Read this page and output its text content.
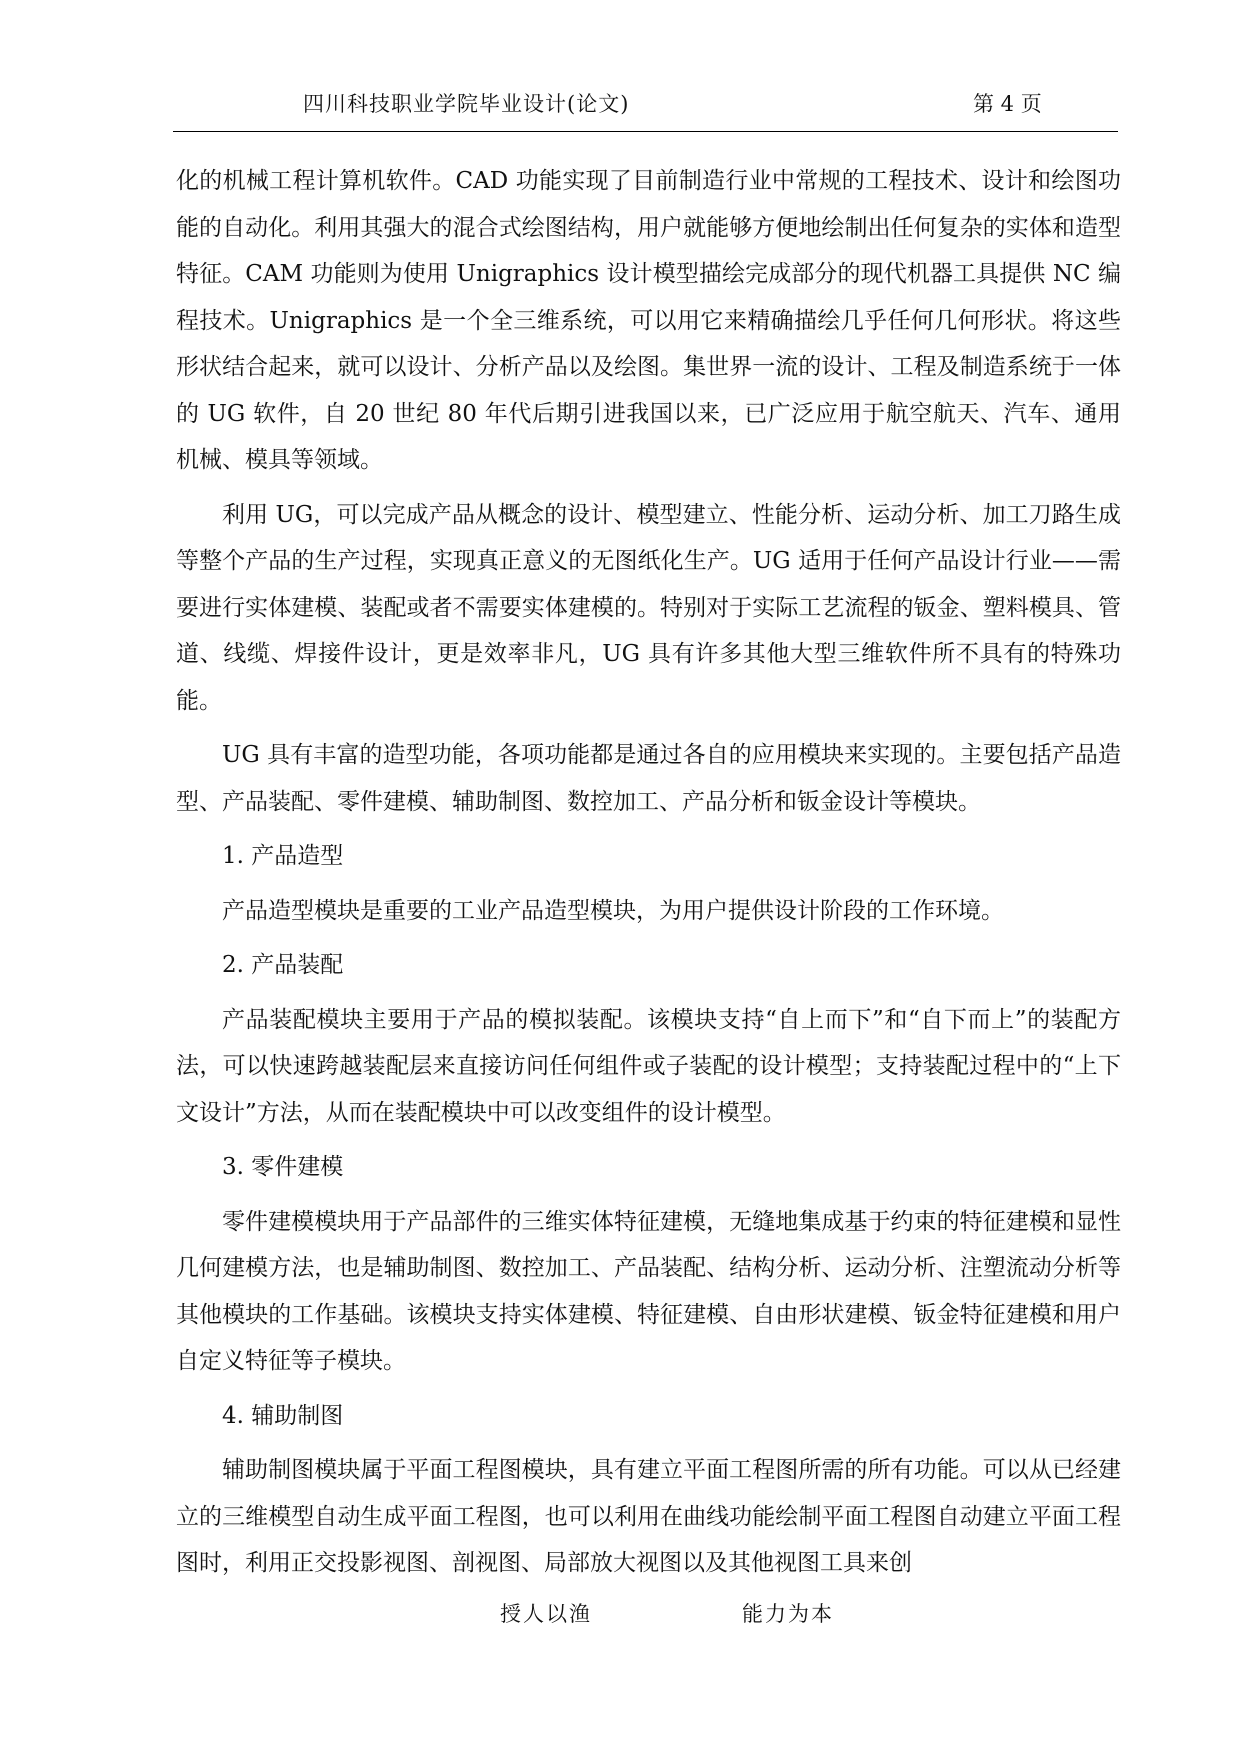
四川科技职业学院毕业设计(论文)	第 4 页

化的机械工程计算机软件。CAD 功能实现了目前制造行业中常规的工程技术、设计和绘图功能的自动化。利用其强大的混合式绘图结构，用户就能够方便地绘制出任何复杂的实体和造型特征。CAM 功能则为使用 Unigraphics 设计模型描绘完成部分的现代机器工具提供 NC 编程技术。Unigraphics 是一个全三维系统，可以用它来精确描绘几乎任何几何形状。将这些形状结合起来，就可以设计、分析产品以及绘图。集世界一流的设计、工程及制造系统于一体的 UG 软件，自 20 世纪 80 年代后期引进我国以来，已广泛应用于航空航天、汽车、通用机械、模具等领域。

利用 UG，可以完成产品从概念的设计、模型建立、性能分析、运动分析、加工刀路生成等整个产品的生产过程，实现真正意义的无图纸化生产。UG 适用于任何产品设计行业——需要进行实体建模、装配或者不需要实体建模的。特别对于实际工艺流程的钣金、塑料模具、管道、线缆、焊接件设计，更是效率非凡，UG 具有许多其他大型三维软件所不具有的特殊功能。

UG 具有丰富的造型功能，各项功能都是通过各自的应用模块来实现的。主要包括产品造型、产品装配、零件建模、辅助制图、数控加工、产品分析和钣金设计等模块。

1. 产品造型

产品造型模块是重要的工业产品造型模块，为用户提供设计阶段的工作环境。

2. 产品装配

产品装配模块主要用于产品的模拟装配。该模块支持“自上而下”和“自下而上”的装配方法，可以快速跨越装配层来直接访问任何组件或子装配的设计模型；支持装配过程中的“上下文设计”方法，从而在装配模块中可以改变组件的设计模型。

3. 零件建模

零件建模模块用于产品部件的三维实体特征建模，无缝地集成基于约束的特征建模和显性几何建模方法，也是辅助制图、数控加工、产品装配、结构分析、运动分析、注塑流动分析等其他模块的工作基础。该模块支持实体建模、特征建模、自由形状建模、钣金特征建模和用户自定义特征等子模块。

4. 辅助制图

辅助制图模块属于平面工程图模块，具有建立平面工程图所需的所有功能。可以从已经建立的三维模型自动生成平面工程图，也可以利用在曲线功能绘制平面工程图自动建立平面工程图时，利用正交投影视图、剖视图、局部放大视图以及其他视图工具来创

授人以渔	能力为本
